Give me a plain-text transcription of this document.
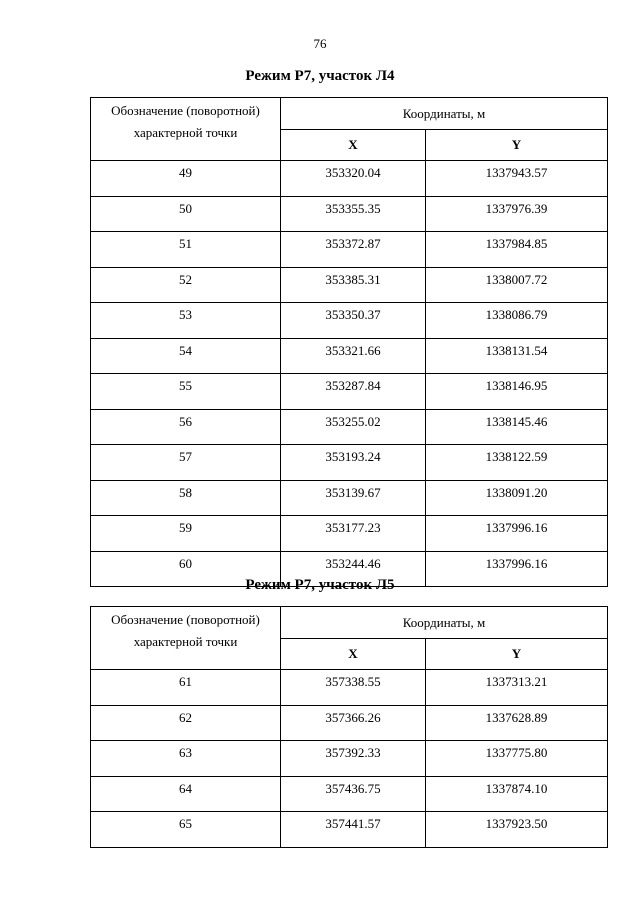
76
Режим Р7, участок Л4
Обозначение (поворотной) характерной точки	Координаты, м	
	X	Y
49	353320.04	1337943.57
50	353355.35	1337976.39
51	353372.87	1337984.85
52	353385.31	1338007.72
53	353350.37	1338086.79
54	353321.66	1338131.54
55	353287.84	1338146.95
56	353255.02	1338145.46
57	353193.24	1338122.59
58	353139.67	1338091.20
59	353177.23	1337996.16
60	353244.46	1337996.16
Режим Р7, участок Л5
Обозначение (поворотной) характерной точки	Координаты, м	
	X	Y
61	357338.55	1337313.21
62	357366.26	1337628.89
63	357392.33	1337775.80
64	357436.75	1337874.10
65	357441.57	1337923.50
